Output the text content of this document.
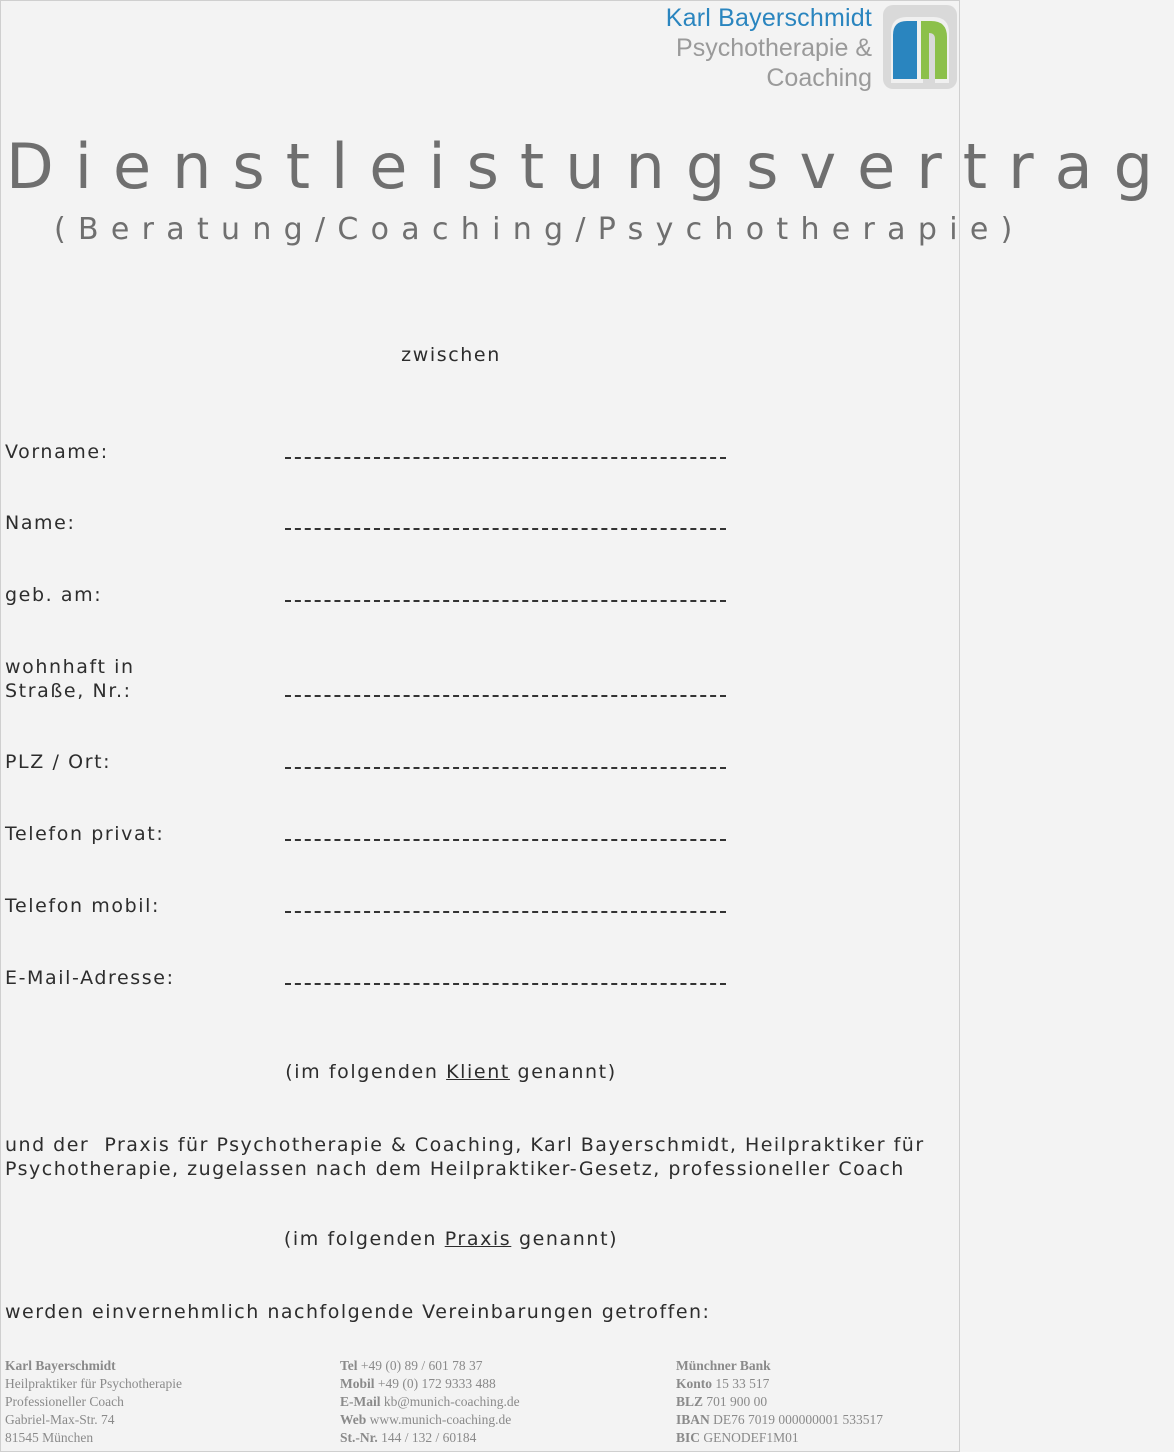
Karl Bayerschmidt
Psychotherapie &
Coaching
Dienstleistungsvertrag
(Beratung/Coaching/Psychotherapie)
zwischen
Vorname:
Name:
geb. am:
wohnhaft in
Straße, Nr.:
PLZ / Ort:
Telefon privat:
Telefon mobil:
E-Mail-Adresse:
(im folgenden Klient genannt)
und der  Praxis für Psychotherapie & Coaching, Karl Bayerschmidt, Heilpraktiker für
Psychotherapie, zugelassen nach dem Heilpraktiker-Gesetz, professioneller Coach
(im folgenden Praxis genannt)
werden einvernehmlich nachfolgende Vereinbarungen getroffen:
Karl Bayerschmidt
Heilpraktiker für Psychotherapie
Professioneller Coach
Gabriel-Max-Str. 74
81545 München
Tel +49 (0) 89 / 601 78 37
Mobil +49 (0) 172 9333 488
E-Mail kb@munich-coaching.de
Web www.munich-coaching.de
St.-Nr. 144 / 132 / 60184
Münchner Bank
Konto 15 33 517
BLZ 701 900 00
IBAN DE76 7019 000000001 533517
BIC GENODEF1M01
